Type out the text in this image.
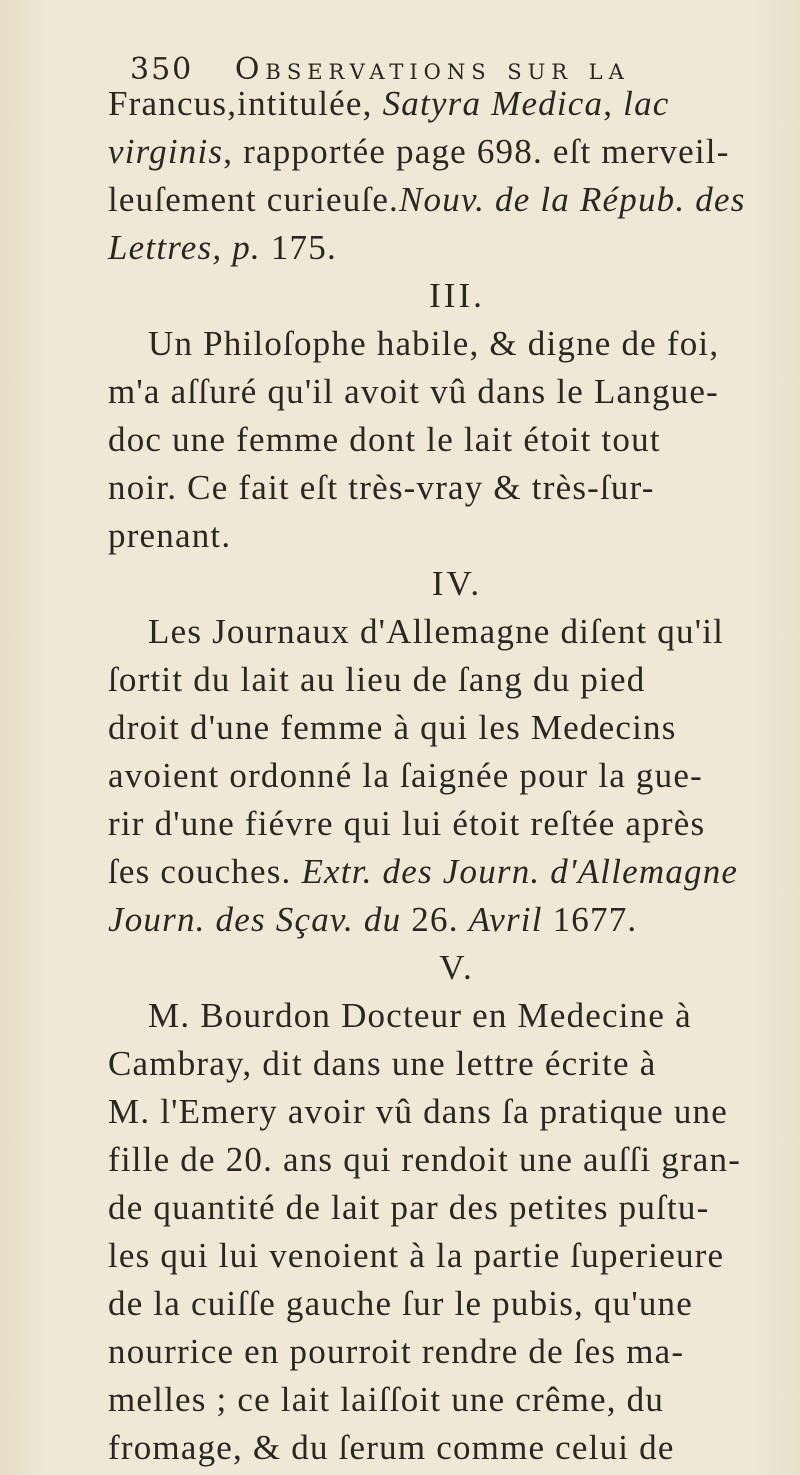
350 Observations sur la
Francus,intitulée, Satyra Medica, lac
virginis, rapportée page 698. eſt merveil-
leuſement curieuſe.Nouv. de la Répub. des
Lettres, p. 175.
III.
Un Philoſophe habile, & digne de foi,
m'a aſſuré qu'il avoit vû dans le Langue-
doc une femme dont le lait étoit tout
noir. Ce fait eſt très-vray & très-ſur-
prenant.
IV.
Les Journaux d'Allemagne diſent qu'il
ſortit du lait au lieu de ſang du pied
droit d'une femme à qui les Medecins
avoient ordonné la ſaignée pour la gue-
rir d'une fiévre qui lui étoit reſtée après
ſes couches. Extr. des Journ. d'Allemagne
Journ. des Sçav. du 26. Avril 1677.
V.
M. Bourdon Docteur en Medecine à
Cambray, dit dans une lettre écrite à
M. l'Emery avoir vû dans ſa pratique une
fille de 20. ans qui rendoit une auſſi gran-
de quantité de lait par des petites puſtu-
les qui lui venoient à la partie ſuperieure
de la cuiſſe gauche ſur le pubis, qu'une
nourrice en pourroit rendre de ſes ma-
melles ; ce lait laiſſoit une crême, du
fromage, & du ſerum comme celui de
